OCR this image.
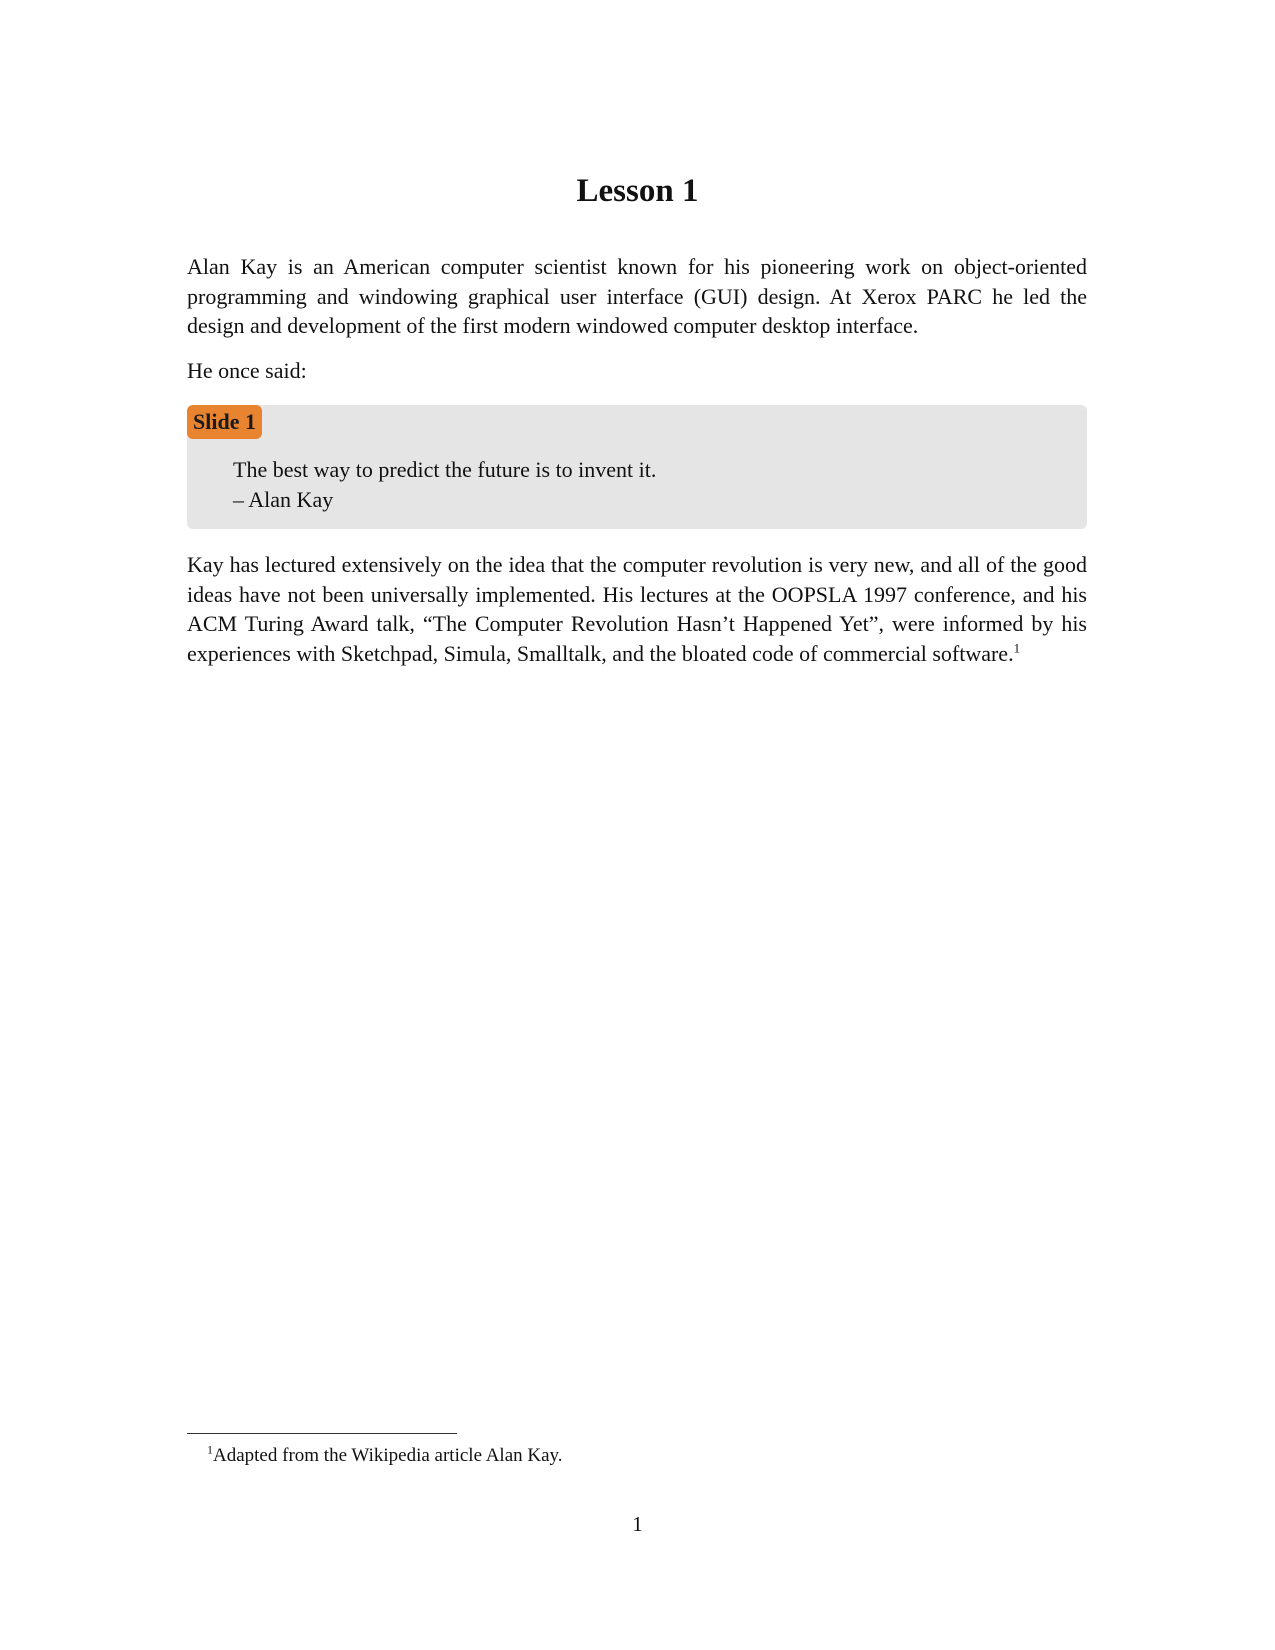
Lesson 1

Alan Kay is an American computer scientist known for his pioneering work on object-oriented programming and windowing graphical user interface (GUI) design. At Xerox PARC he led the design and development of the first modern windowed computer desktop interface.

He once said:

Slide 1
The best way to predict the future is to invent it.
– Alan Kay

Kay has lectured extensively on the idea that the computer revolution is very new, and all of the good ideas have not been universally implemented. His lectures at the OOPSLA 1997 conference, and his ACM Turing Award talk, “The Computer Revolution Hasn’t Happened Yet”, were informed by his experiences with Sketchpad, Simula, Smalltalk, and the bloated code of commercial software.$^1$

$^1$Adapted from the Wikipedia article Alan Kay.
1
